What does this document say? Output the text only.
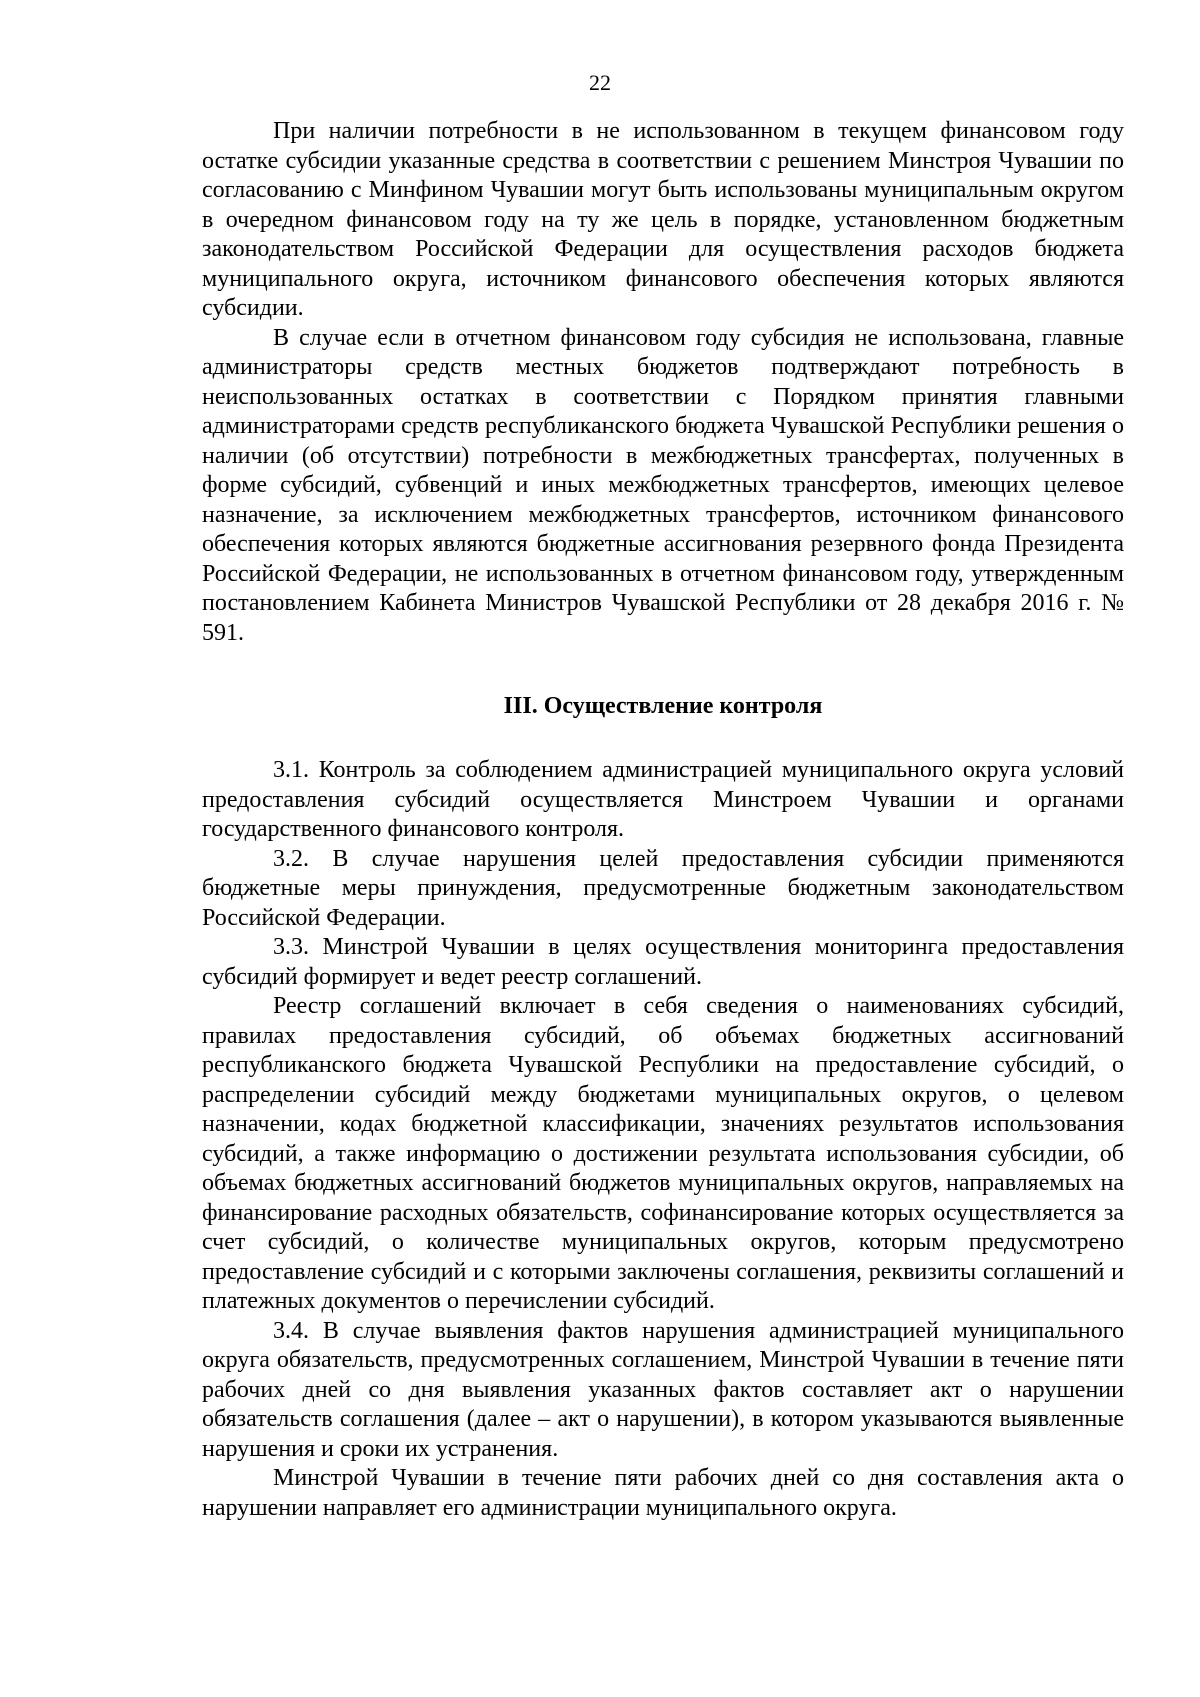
22

При наличии потребности в не использованном в текущем финансовом году остатке субсидии указанные средства в соответствии с решением Минстроя Чувашии по согласованию с Минфином Чувашии могут быть использованы муниципальным округом в очередном финансовом году на ту же цель в порядке, установленном бюджетным законодательством Российской Федерации для осуществления расходов бюджета муниципального округа, источником финансового обеспечения которых являются субсидии.

В случае если в отчетном финансовом году субсидия не использована, главные администраторы средств местных бюджетов подтверждают потребность в неиспользованных остатках в соответствии с Порядком принятия главными администраторами средств республиканского бюджета Чувашской Республики решения о наличии (об отсутствии) потребности в межбюджетных трансфертах, полученных в форме субсидий, субвенций и иных межбюджетных трансфертов, имеющих целевое назначение, за исключением межбюджетных трансфертов, источником финансового обеспечения которых являются бюджетные ассигнования резервного фонда Президента Российской Федерации, не использованных в отчетном финансовом году, утвержденным постановлением Кабинета Министров Чувашской Республики от 28 декабря 2016 г. № 591.

III. Осуществление контроля

3.1. Контроль за соблюдением администрацией муниципального округа условий предоставления субсидий осуществляется Минстроем Чувашии и органами государственного финансового контроля.

3.2. В случае нарушения целей предоставления субсидии применяются бюджетные меры принуждения, предусмотренные бюджетным законодательством Российской Федерации.

3.3. Минстрой Чувашии в целях осуществления мониторинга предоставления субсидий формирует и ведет реестр соглашений.

Реестр соглашений включает в себя сведения о наименованиях субсидий, правилах предоставления субсидий, об объемах бюджетных ассигнований республиканского бюджета Чувашской Республики на предоставление субсидий, о распределении субсидий между бюджетами муниципальных округов, о целевом назначении, кодах бюджетной классификации, значениях результатов использования субсидий, а также информацию о достижении результата использования субсидии, об объемах бюджетных ассигнований бюджетов муниципальных округов, направляемых на финансирование расходных обязательств, софинансирование которых осуществляется за счет субсидий, о количестве муниципальных округов, которым предусмотрено предоставление субсидий и с которыми заключены соглашения, реквизиты соглашений и платежных документов о перечислении субсидий.

3.4. В случае выявления фактов нарушения администрацией муниципального округа обязательств, предусмотренных соглашением, Минстрой Чувашии в течение пяти рабочих дней со дня выявления указанных фактов составляет акт о нарушении обязательств соглашения (далее – акт о нарушении), в котором указываются выявленные нарушения и сроки их устранения.

Минстрой Чувашии в течение пяти рабочих дней со дня составления акта о нарушении направляет его администрации муниципального округа.
